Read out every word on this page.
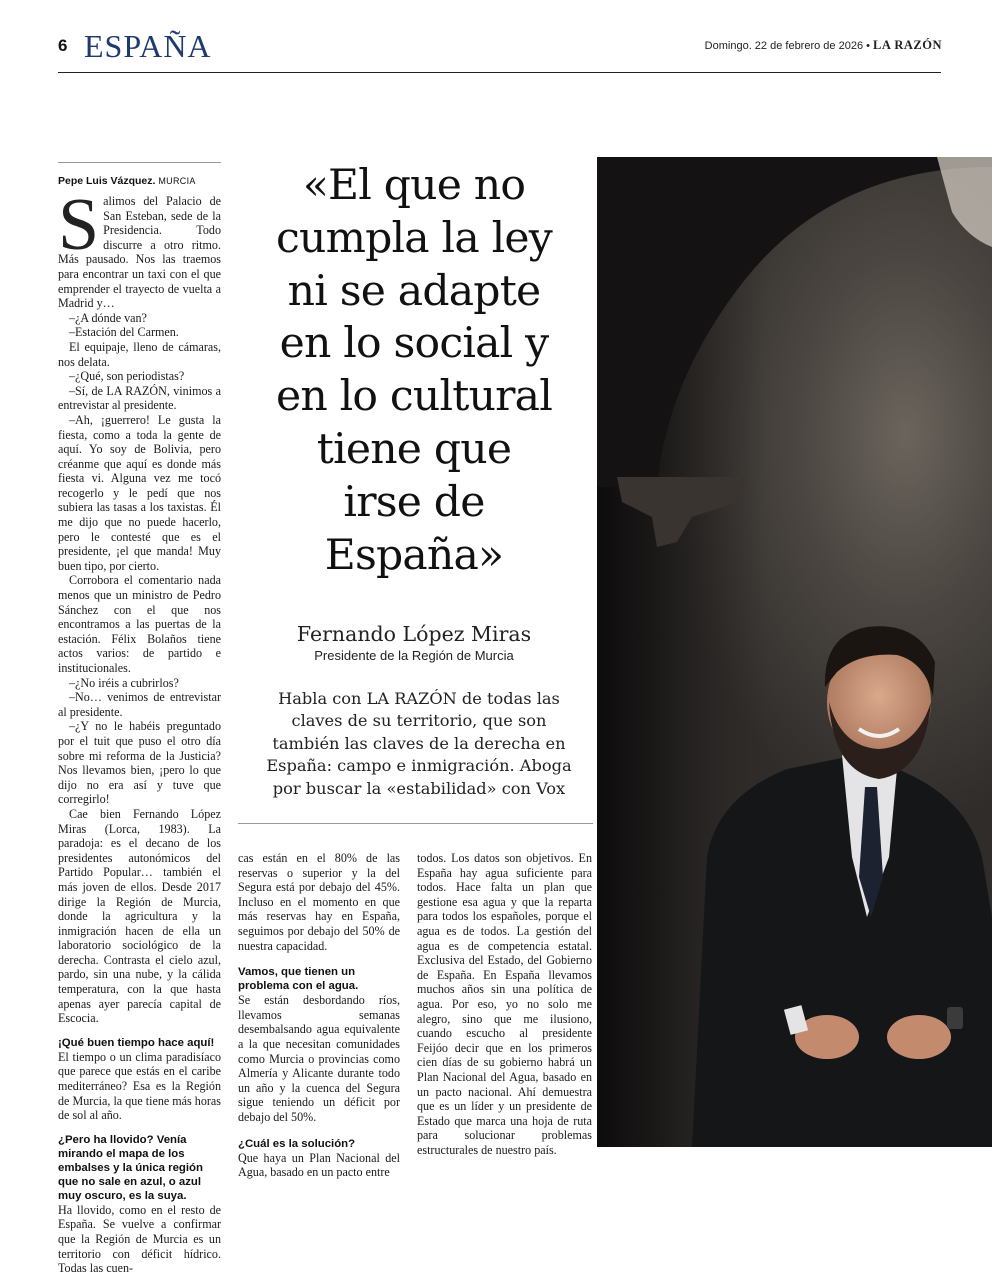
6 ESPAÑA	Domingo. 22 de febrero de 2026 • LA RAZÓN
Pepe Luis Vázquez. MURCIA

Salimos del Palacio de San Esteban, sede de la Presidencia. Todo discurre a otro ritmo. Más pausado. Nos las traemos para encontrar un taxi con el que emprender el trayecto de vuelta a Madrid y…

–¿A dónde van?

–Estación del Carmen.

El equipaje, lleno de cámaras, nos delata.

–¿Qué, son periodistas?

–Sí, de LA RAZÓN, vinimos a entrevistar al presidente.

–Ah, ¡guerrero! Le gusta la fiesta, como a toda la gente de aquí. Yo soy de Bolivia, pero créanme que aquí es donde más fiesta vi. Alguna vez me tocó recogerlo y le pedí que nos subiera las tasas a los taxistas. Él me dijo que no puede hacerlo, pero le contesté que es el presidente, ¡el que manda! Muy buen tipo, por cierto.

Corrobora el comentario nada menos que un ministro de Pedro Sánchez con el que nos encontramos a las puertas de la estación. Félix Bolaños tiene actos varios: de partido e institucionales.

–¿No iréis a cubrirlos?

–No… venimos de entrevistar al presidente.

–¿Y no le habéis preguntado por el tuit que puso el otro día sobre mi reforma de la Justicia? Nos llevamos bien, ¡pero lo que dijo no era así y tuve que corregirlo!

Cae bien Fernando López Miras (Lorca, 1983). La paradoja: es el decano de los presidentes autonómicos del Partido Popular… también el más joven de ellos. Desde 2017 dirige la Región de Murcia, donde la agricultura y la inmigración hacen de ella un laboratorio sociológico de la derecha. Contrasta el cielo azul, pardo, sin una nube, y la cálida temperatura, con la que hasta apenas ayer parecía capital de Escocia.

¡Qué buen tiempo hace aquí!

El tiempo o un clima paradisíaco que parece que estás en el caribe mediterráneo? Esa es la Región de Murcia, la que tiene más horas de sol al año.

¿Pero ha llovido? Venía mirando el mapa de los embalses y la única región que no sale en azul, o azul muy oscuro, es la suya.

Ha llovido, como en el resto de España. Se vuelve a confirmar que la Región de Murcia es un territorio con déficit hídrico. Todas las cuen-

«El que no
cumpla la ley
ni se adapte
en lo social y
en lo cultural
tiene que
irse de
España»
Fernando López Miras
Presidente de la Región de Murcia
Habla con LA RAZÓN de todas las
claves de su territorio, que son
también las claves de la derecha en
España: campo e inmigración. Aboga
por buscar la «estabilidad» con Vox

cas están en el 80% de las reservas o superior y la del Segura está por debajo del 45%. Incluso en el momento en que más reservas hay en España, seguimos por debajo del 50% de nuestra capacidad.

Vamos, que tienen un problema con el agua.

Se están desbordando ríos, llevamos semanas desembalsando agua equivalente a la que necesitan comunidades como Murcia o provincias como Almería y Alicante durante todo un año y la cuenca del Segura sigue teniendo un déficit por debajo del 50%.

¿Cuál es la solución?

Que haya un Plan Nacional del Agua, basado en un pacto entre

todos. Los datos son objetivos. En España hay agua suficiente para todos. Hace falta un plan que gestione esa agua y que la reparta para todos los españoles, porque el agua es de todos. La gestión del agua es de competencia estatal. Exclusiva del Estado, del Gobierno de España. En España llevamos muchos años sin una política de agua. Por eso, yo no solo me alegro, sino que me ilusiono, cuando escucho al presidente Feijóo decir que en los primeros cien días de su gobierno habrá un Plan Nacional del Agua, basado en un pacto nacional. Ahí demuestra que es un líder y un presidente de Estado que marca una hoja de ruta para solucionar problemas estructurales de nuestro país.
